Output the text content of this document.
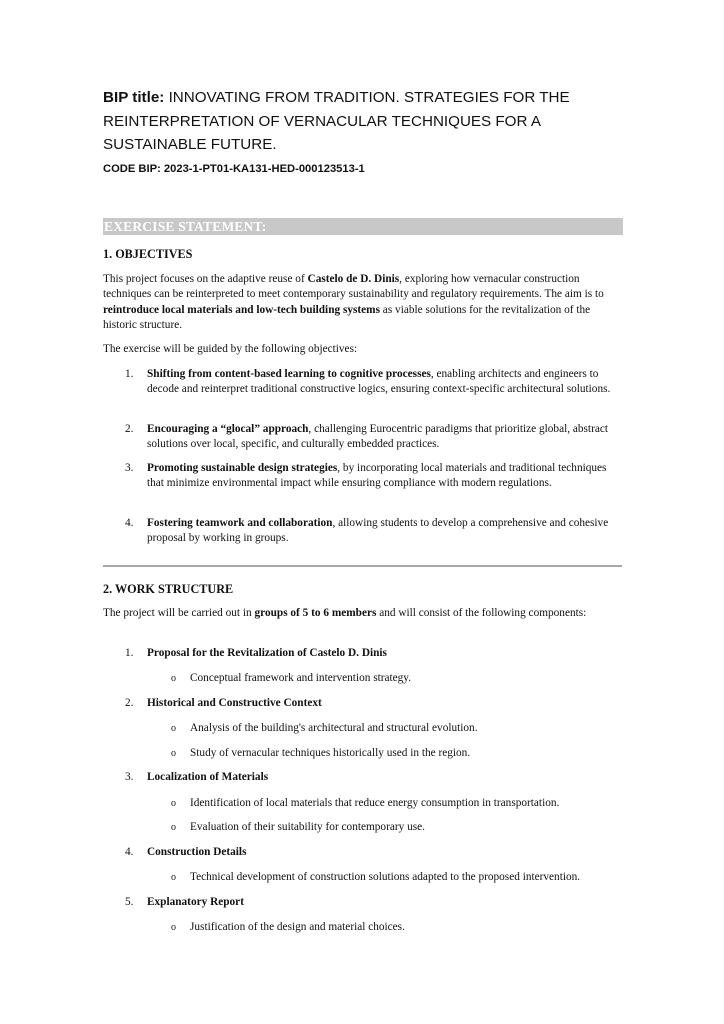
BIP title: INNOVATING FROM TRADITION. STRATEGIES FOR THE REINTERPRETATION OF VERNACULAR TECHNIQUES FOR A SUSTAINABLE FUTURE.
CODE BIP: 2023-1-PT01-KA131-HED-000123513-1
EXERCISE STATEMENT:
1. OBJECTIVES
This project focuses on the adaptive reuse of Castelo de D. Dinis, exploring how vernacular construction techniques can be reinterpreted to meet contemporary sustainability and regulatory requirements. The aim is to reintroduce local materials and low-tech building systems as viable solutions for the revitalization of the historic structure.
The exercise will be guided by the following objectives:
1.	Shifting from content-based learning to cognitive processes, enabling architects and engineers to decode and reinterpret traditional constructive logics, ensuring context-specific architectural solutions.
2.	Encouraging a “glocal” approach, challenging Eurocentric paradigms that prioritize global, abstract solutions over local, specific, and culturally embedded practices.
3.	Promoting sustainable design strategies, by incorporating local materials and traditional techniques that minimize environmental impact while ensuring compliance with modern regulations.
4.	Fostering teamwork and collaboration, allowing students to develop a comprehensive and cohesive proposal by working in groups.
2. WORK STRUCTURE
The project will be carried out in groups of 5 to 6 members and will consist of the following components:
1.	Proposal for the Revitalization of Castelo D. Dinis
o Conceptual framework and intervention strategy.
2.	Historical and Constructive Context
o Analysis of the building's architectural and structural evolution.
o Study of vernacular techniques historically used in the region.
3.	Localization of Materials
o Identification of local materials that reduce energy consumption in transportation.
o Evaluation of their suitability for contemporary use.
4.	Construction Details
o Technical development of construction solutions adapted to the proposed intervention.
5.	Explanatory Report
o Justification of the design and material choices.
